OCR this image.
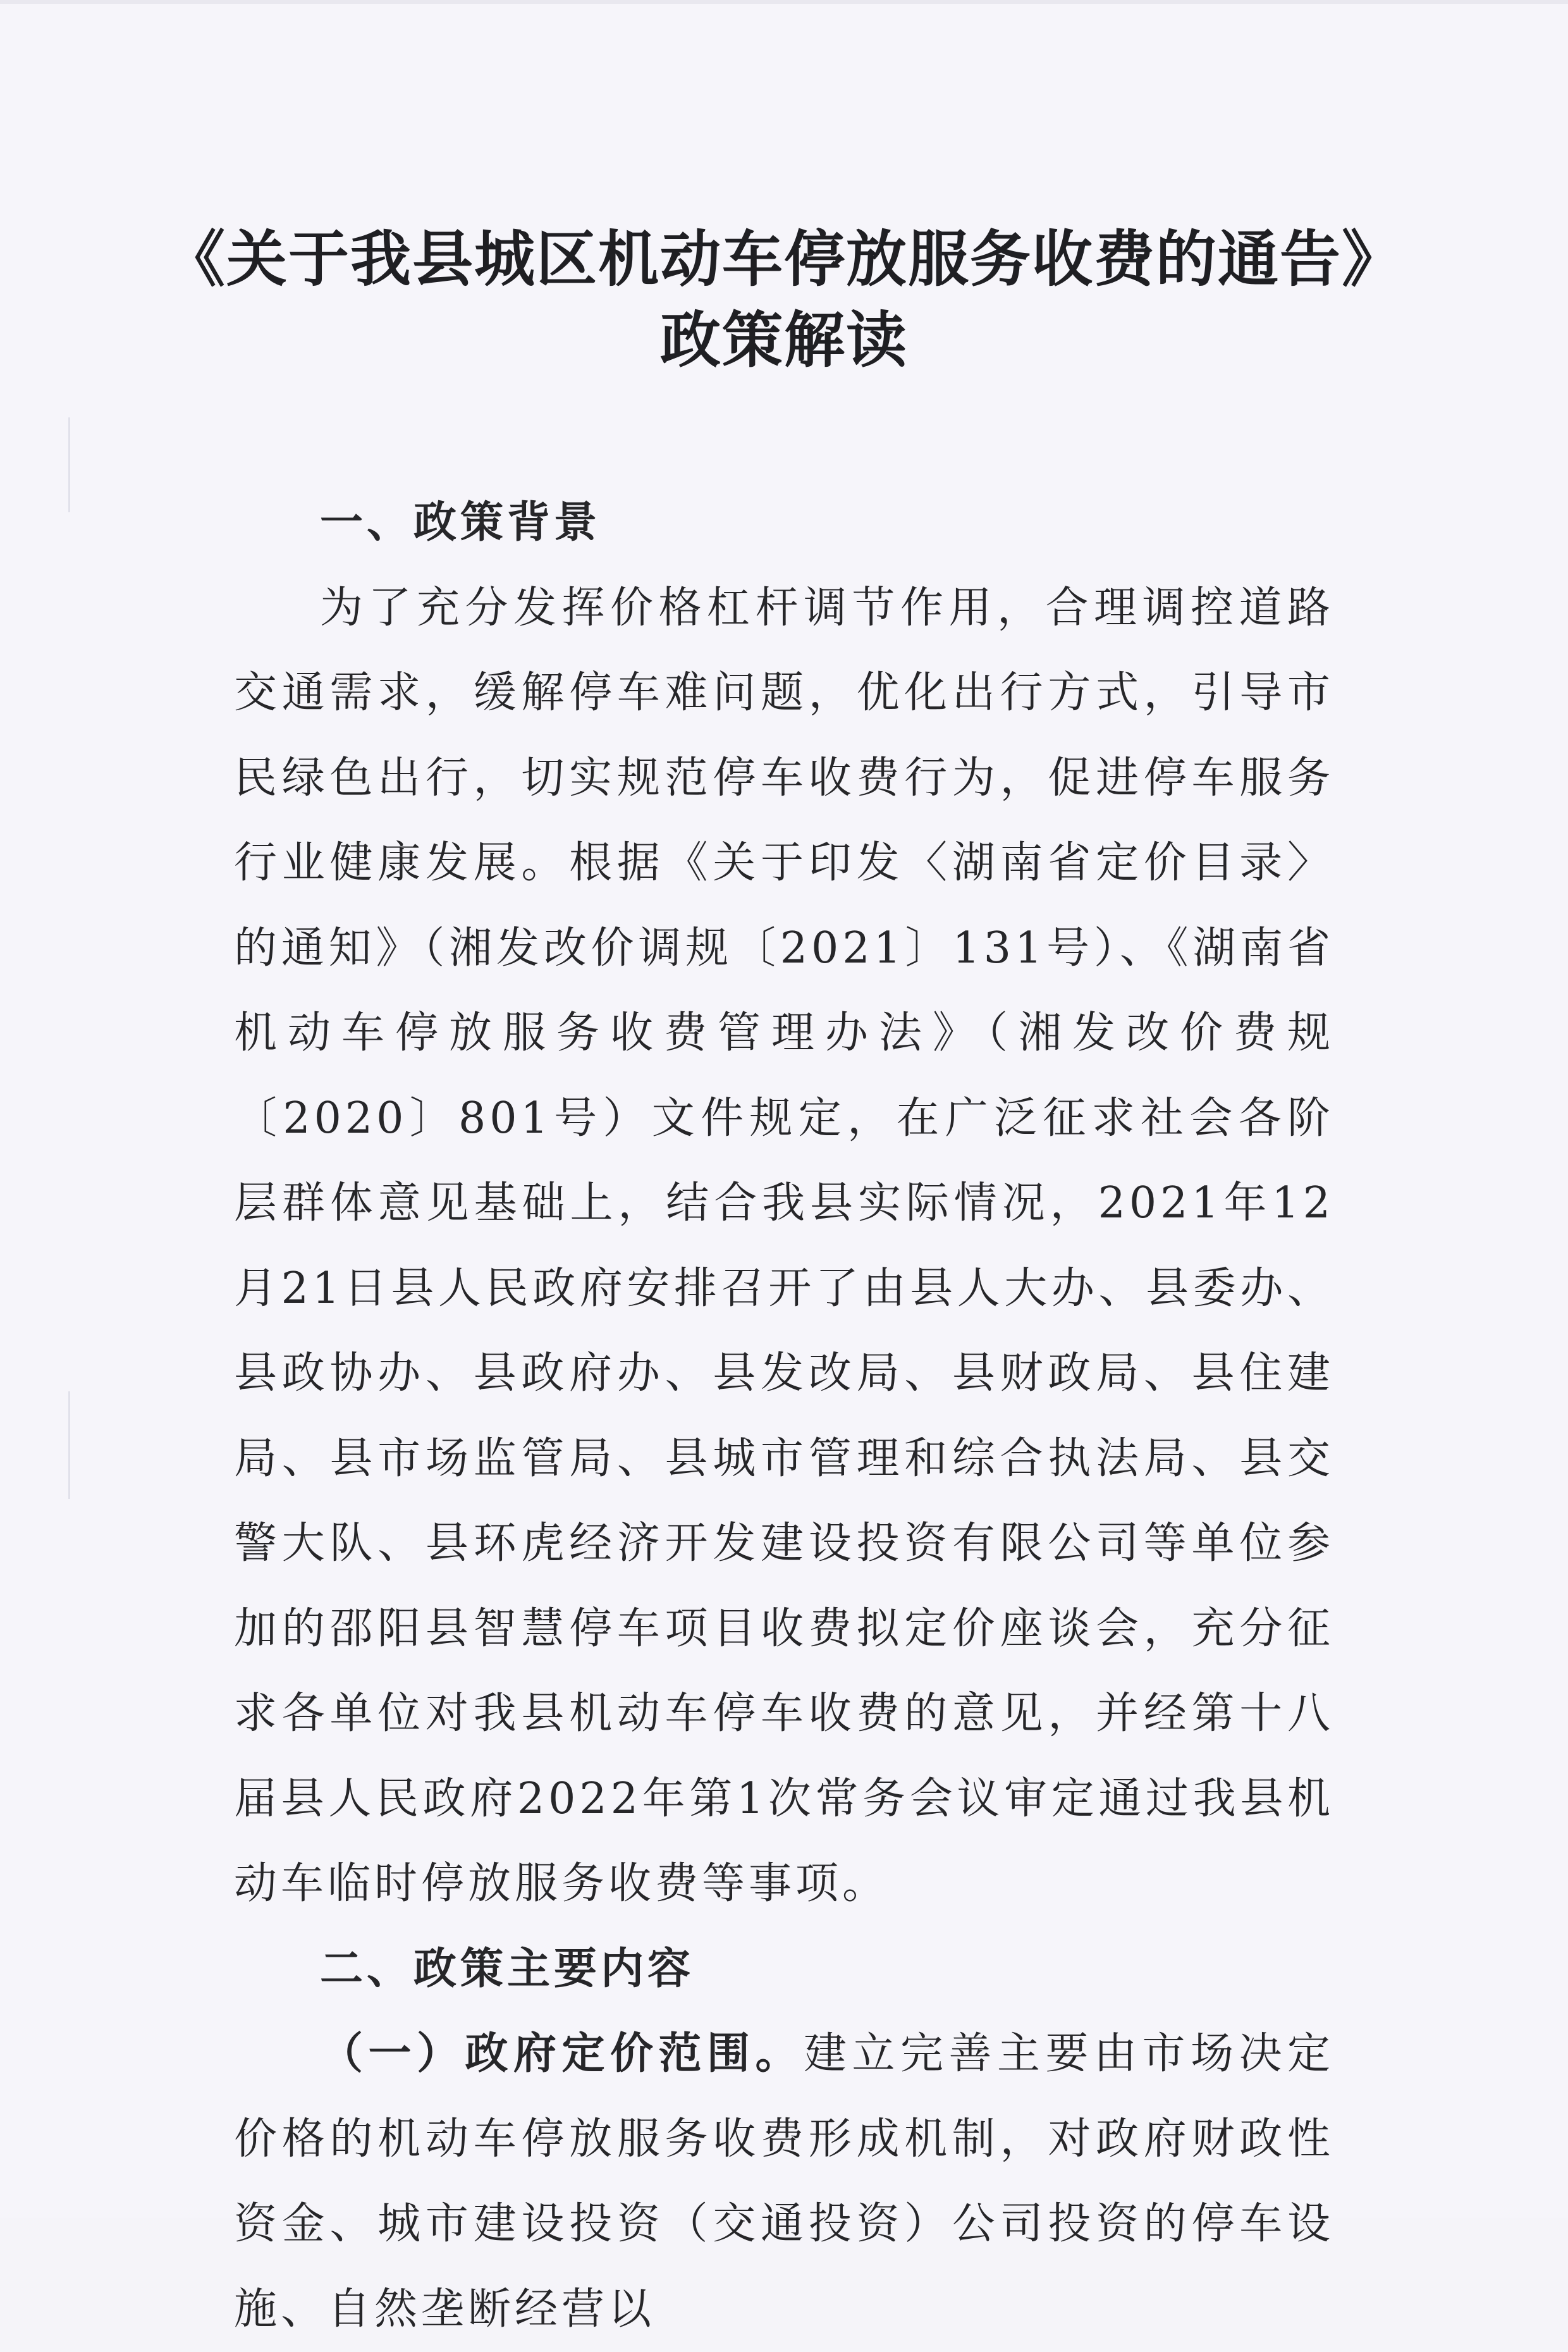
《关于我县城区机动车停放服务收费的通告》
政策解读
一、政策背景

为了充分发挥价格杠杆调节作用，合理调控道路交通需求，缓解停车难问题，优化出行方式，引导市民绿色出行，切实规范停车收费行为，促进停车服务行业健康发展。根据《关于印发〈湖南省定价目录〉的通知》（湘发改价调规〔2021〕131号）、《湖南省机动车停放服务收费管理办法》（湘发改价费规〔2020〕801号）文件规定，在广泛征求社会各阶层群体意见基础上，结合我县实际情况，2021年12月21日县人民政府安排召开了由县人大办、县委办、县政协办、县政府办、县发改局、县财政局、县住建局、县市场监管局、县城市管理和综合执法局、县交警大队、县环虎经济开发建设投资有限公司等单位参加的邵阳县智慧停车项目收费拟定价座谈会，充分征求各单位对我县机动车停车收费的意见，并经第十八届县人民政府2022年第1次常务会议审定通过我县机动车临时停放服务收费等事项。

二、政策主要内容

（一）政府定价范围。建立完善主要由市场决定价格的机动车停放服务收费形成机制，对政府财政性资金、城市建设投资（交通投资）公司投资的停车设施、自然垄断经营以
